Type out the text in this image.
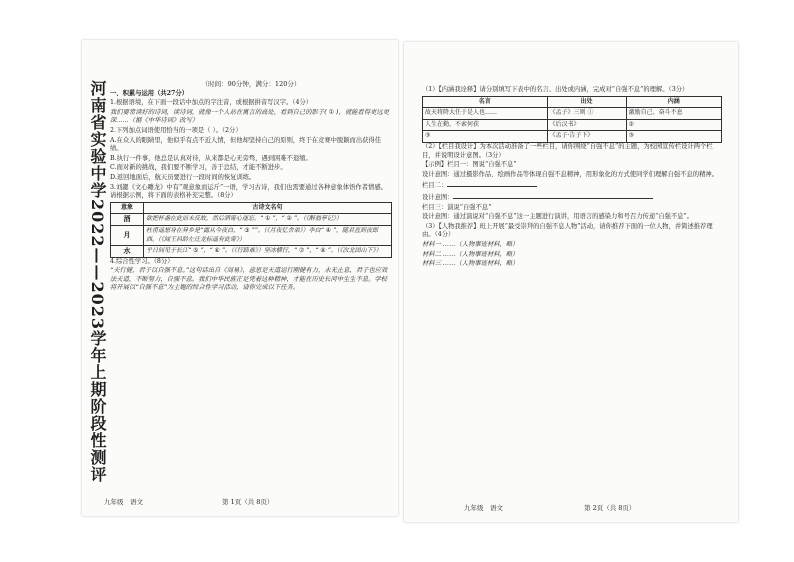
河南省实验中学2022——2023学年上期阶段性测评	（时间：90分钟，满分：120分）

一、积累与运用（共27分）

1.根据语境，在下面一段话中加点的字注音，或根据拼音写汉字。（4分）

我们要常读好的诗词，读诗词，就像一个人站在寓言的高处，看到自己的影子( ① )，就能看得更远更深……（据《中华诗词》改写）

2.下列加点词语使用恰当的一项是（ ）。（2分）

A.在众人的眼睛里，他似乎有点不近人情，但他却坚持自己的原则，终于在竞赛中脱颖而出获得佳绩。

B.执行一件事，他总是认真对待，从来都是心无旁骛，遇到困难不退缩。

C.面对新的挑战，我们要不断学习，善于总结，才能不断进步。

D.返回地面后，航天员要进行一段时间的恢复训练。

3.刘勰《文心雕龙》中有“观意象而运斤”一语，学习古诗，我们也需要通过各种意象体悟作者情感。请根据示例，将下面的表格补充完整。（8分）

意象	古诗文名句
酒	欲把杯盏在此而未反故，然后酒寄心逐忘。“ ① ”，“ ② ”。（《醉翁亭记》）
月	杜甫遥想身在异乡是“露从今夜白，“ ③ ””。（《月夜忆舍弟》）李白“ ④ ”，随君直到夜郎西。（《闻王昌龄左迁龙标遥有此寄》）
水	乎日间见于长江“ ⑤ ”，“ ⑥ ”。（《行路难》）坚冰横行，“ ⑦ ”，“ ⑧ ”。（《次北固山下》）

4.综合性学习。（8分）

“天行健，君子以自强不息。”这句话出自《周易》，意思是天道运行刚健有力，永无止息，君子也应效法天道，不断努力，自强不息。我们中华民族正是凭着这种精神，才能在历史长河中生生不息。学校将开展以“自强不息”为主题的综合性学习活动，请你完成以下任务。

九年级　语文	第 1页（共 8页）

（1）【内涵我诠释】请分别填写下表中的名言、出处或内涵，完成对“自强不息”的理解。（3分）

名言	出处	内涵
故天将降大任于是人也……	《孟子》三则 ①	激励自己、奋斗不息
人生在勤，不索何获	《后汉书》	②
③	《孟子·告子下》	③

（2）【栏目我设计】为本次活动准备了一些栏目，请你围绕“自强不息”的主题，为校园宣传栏设计两个栏目，并说明设计意图。（3分）

【示例】栏目一：图说“自强不息”

设计意图：通过摄影作品、绘画作品等体现自强不息精神，用形象化的方式使同学们理解自强不息的精神。

栏目二：

设计意图：

栏目三：演说“自强不息”

设计意图：通过演说对“自强不息”这一主题进行演讲，用语言的感染力和号召力传递“自强不息”。

（3）【人物我推荐】班上开展“最受崇拜的自强不息人物”活动，请你推荐下面的一位人物，并简述推荐理由。（4分）

材料一 ……（人物事迹材料，略）

材料二 ……（人物事迹材料，略）

材料三 ……（人物事迹材料，略）

九年级　语文	第 2页（共 8页）
